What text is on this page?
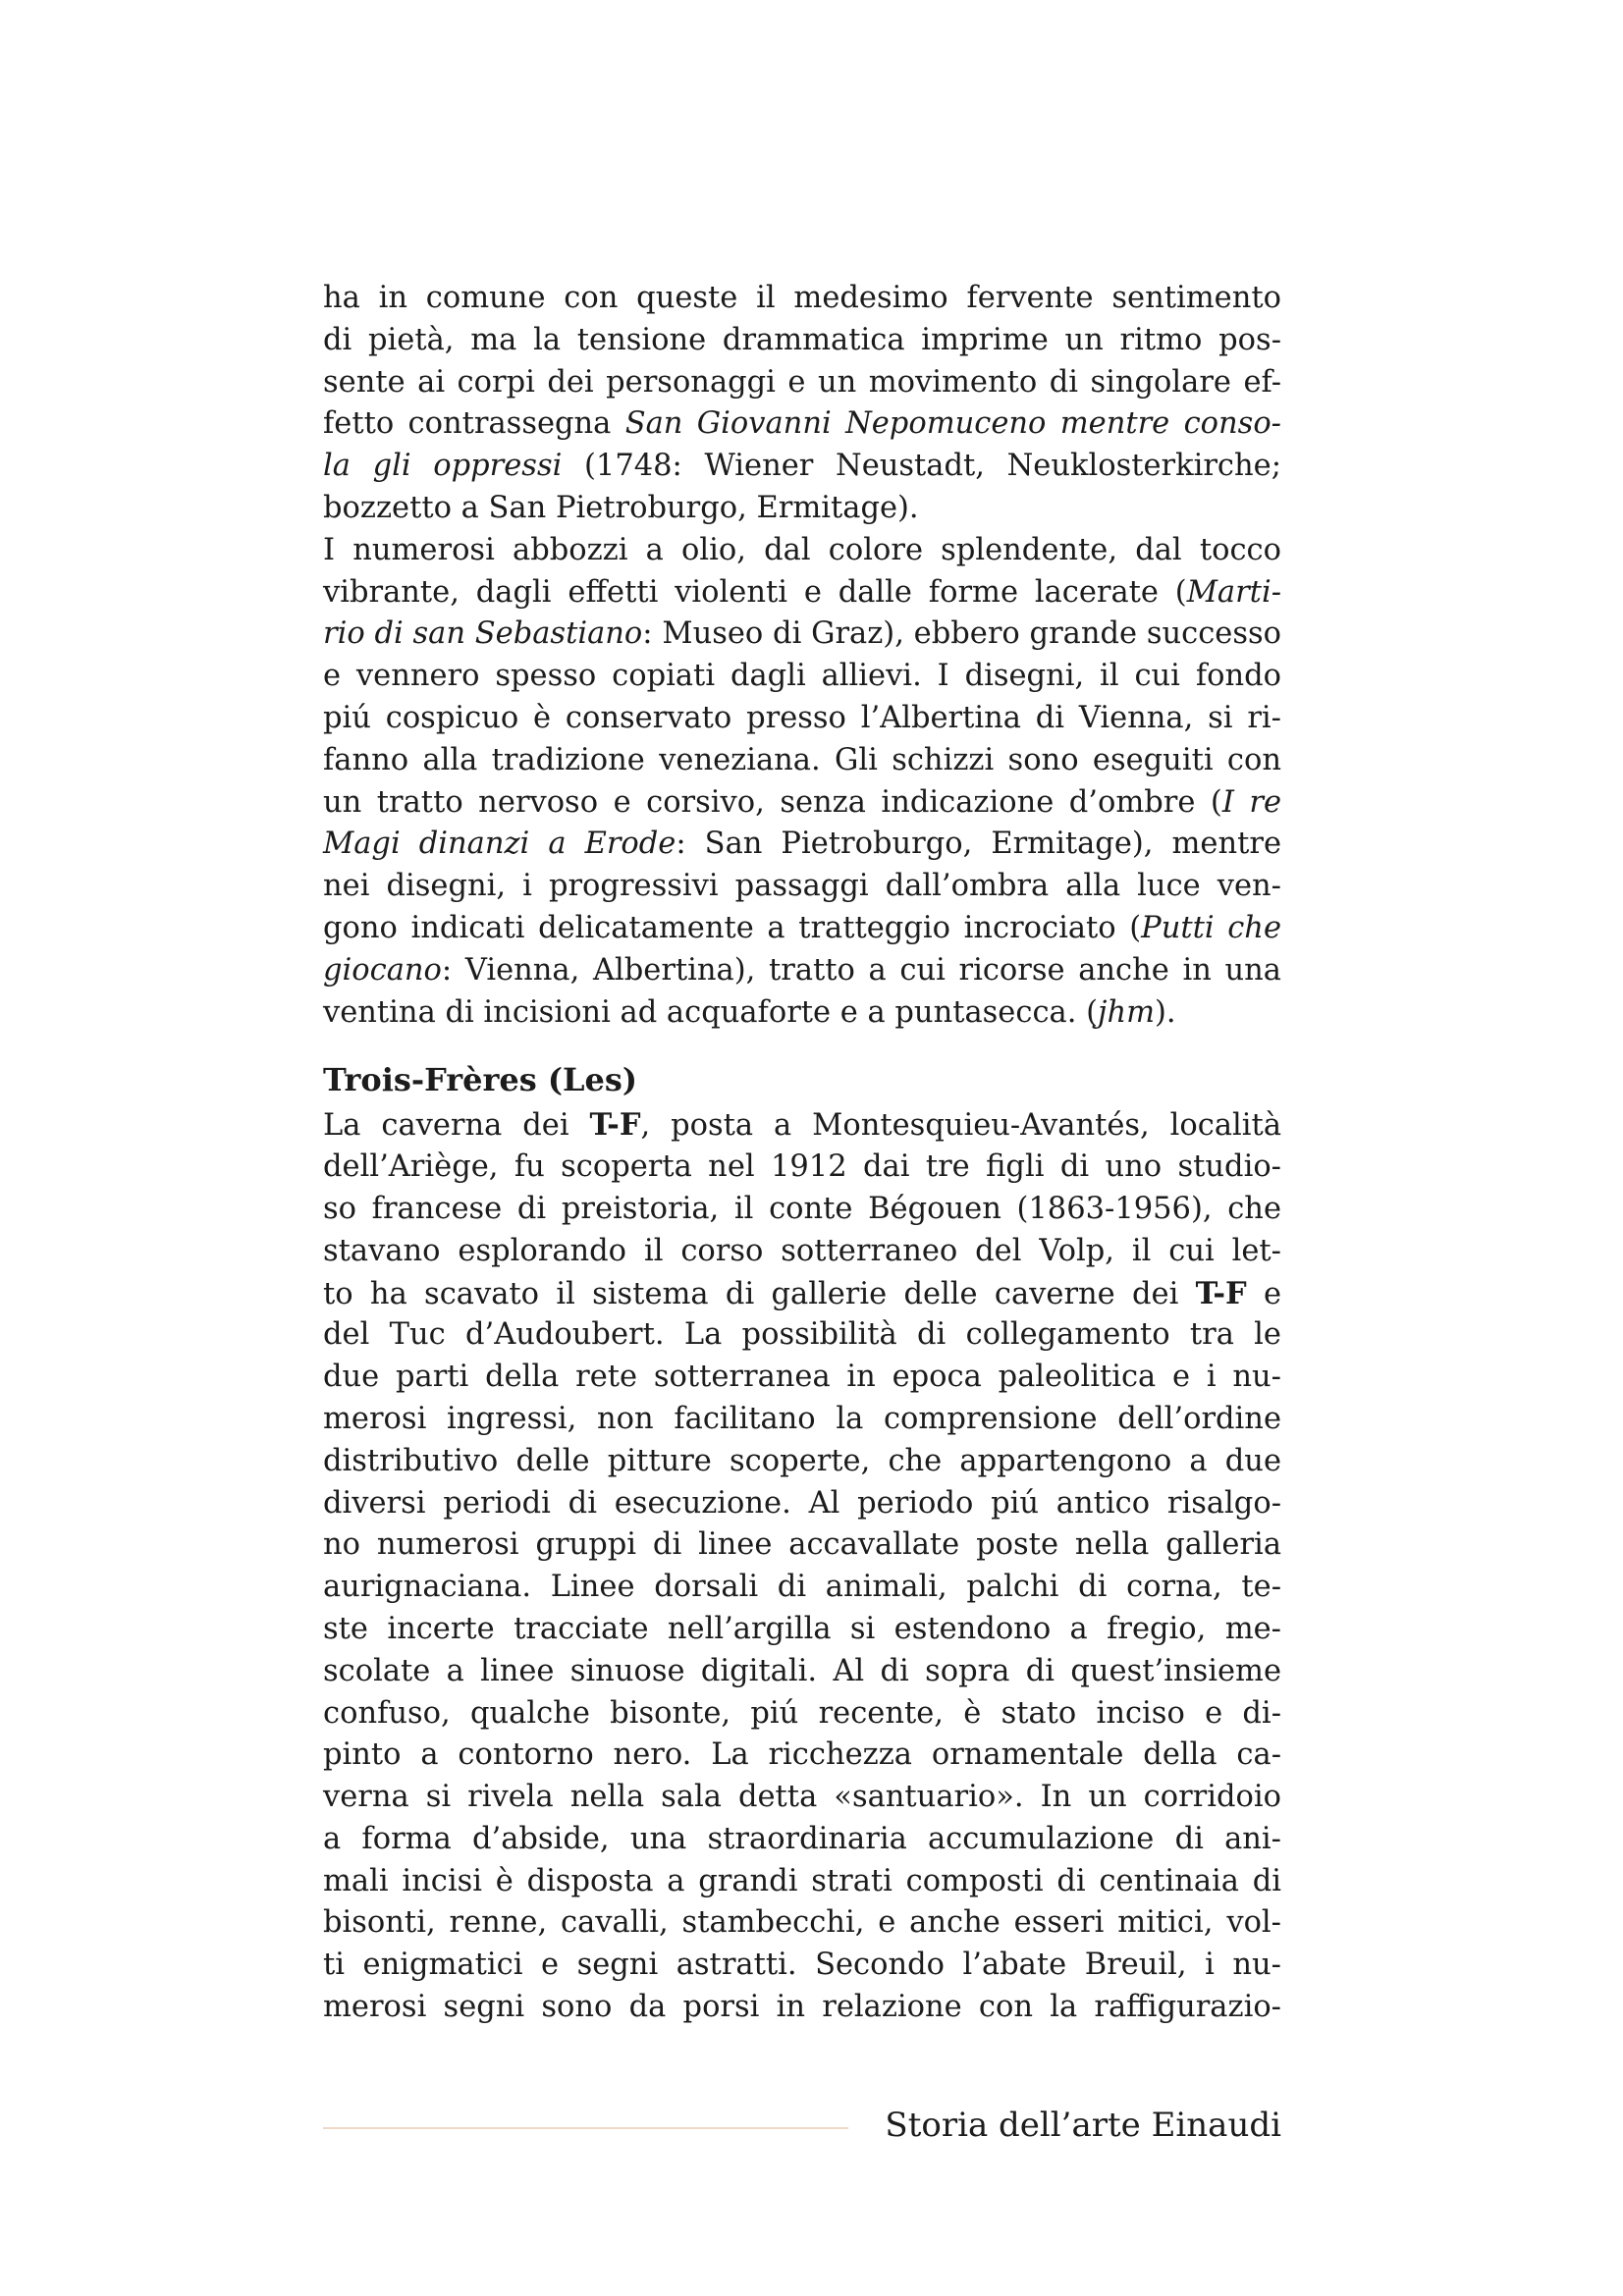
ha in comune con queste il medesimo fervente sentimento
di pietà, ma la tensione drammatica imprime un ritmo pos-
sente ai corpi dei personaggi e un movimento di singolare ef-
fetto contrassegna San Giovanni Nepomuceno mentre conso-
la gli oppressi (1748: Wiener Neustadt, Neuklosterkirche;
bozzetto a San Pietroburgo, Ermitage).
I numerosi abbozzi a olio, dal colore splendente, dal tocco
vibrante, dagli effetti violenti e dalle forme lacerate (Marti-
rio di san Sebastiano: Museo di Graz), ebbero grande successo
e vennero spesso copiati dagli allievi. I disegni, il cui fondo
piú cospicuo è conservato presso l’Albertina di Vienna, si ri-
fanno alla tradizione veneziana. Gli schizzi sono eseguiti con
un tratto nervoso e corsivo, senza indicazione d’ombre (I re
Magi dinanzi a Erode: San Pietroburgo, Ermitage), mentre
nei disegni, i progressivi passaggi dall’ombra alla luce ven-
gono indicati delicatamente a tratteggio incrociato (Putti che
giocano: Vienna, Albertina), tratto a cui ricorse anche in una
ventina di incisioni ad acquaforte e a puntasecca. (jhm).
Trois-Frères (Les)
La caverna dei T-F, posta a Montesquieu-Avantés, località
dell’Ariège, fu scoperta nel 1912 dai tre figli di uno studio-
so francese di preistoria, il conte Bégouen (1863-1956), che
stavano esplorando il corso sotterraneo del Volp, il cui let-
to ha scavato il sistema di gallerie delle caverne dei T-F e
del Tuc d’Audoubert. La possibilità di collegamento tra le
due parti della rete sotterranea in epoca paleolitica e i nu-
merosi ingressi, non facilitano la comprensione dell’ordine
distributivo delle pitture scoperte, che appartengono a due
diversi periodi di esecuzione. Al periodo piú antico risalgo-
no numerosi gruppi di linee accavallate poste nella galleria
aurignaciana. Linee dorsali di animali, palchi di corna, te-
ste incerte tracciate nell’argilla si estendono a fregio, me-
scolate a linee sinuose digitali. Al di sopra di quest’insieme
confuso, qualche bisonte, piú recente, è stato inciso e di-
pinto a contorno nero. La ricchezza ornamentale della ca-
verna si rivela nella sala detta «santuario». In un corridoio
a forma d’abside, una straordinaria accumulazione di ani-
mali incisi è disposta a grandi strati composti di centinaia di
bisonti, renne, cavalli, stambecchi, e anche esseri mitici, vol-
ti enigmatici e segni astratti. Secondo l’abate Breuil, i nu-
merosi segni sono da porsi in relazione con la raffigurazio-
Storia dell’arte Einaudi
